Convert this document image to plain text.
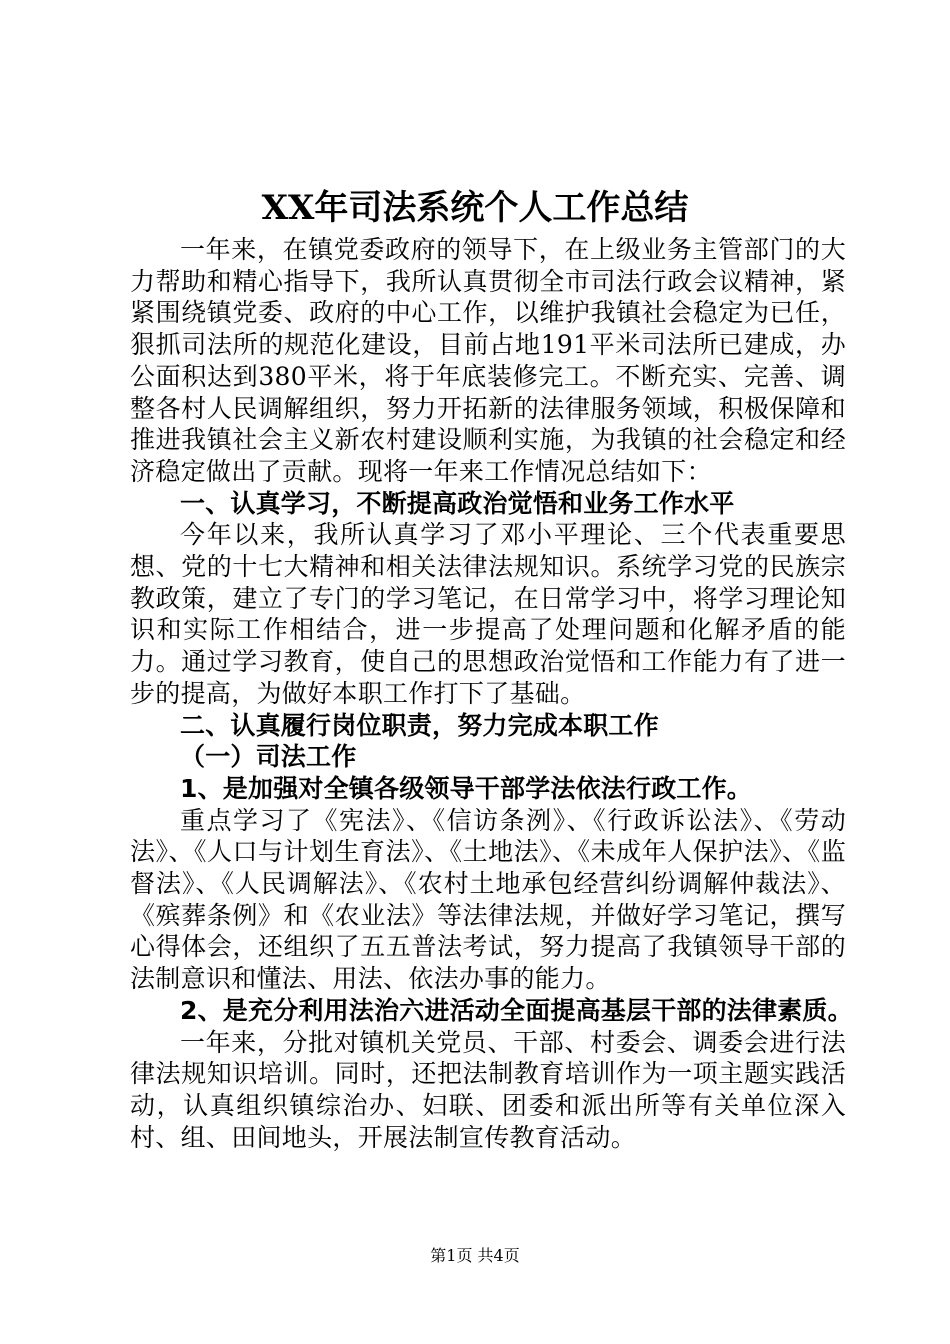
XX年司法系统个人工作总结

一年来，在镇党委政府的领导下，在上级业务主管部门的大力帮助和精心指导下，我所认真贯彻全市司法行政会议精神，紧紧围绕镇党委、政府的中心工作，以维护我镇社会稳定为已任，狠抓司法所的规范化建设，目前占地191平米司法所已建成，办公面积达到380平米，将于年底装修完工。不断充实、完善、调整各村人民调解组织，努力开拓新的法律服务领域，积极保障和推进我镇社会主义新农村建设顺利实施，为我镇的社会稳定和经济稳定做出了贡献。现将一年来工作情况总结如下：

一、认真学习，不断提高政治觉悟和业务工作水平

今年以来，我所认真学习了邓小平理论、三个代表重要思想、党的十七大精神和相关法律法规知识。系统学习党的民族宗教政策，建立了专门的学习笔记，在日常学习中，将学习理论知识和实际工作相结合，进一步提高了处理问题和化解矛盾的能力。通过学习教育，使自己的思想政治觉悟和工作能力有了进一步的提高，为做好本职工作打下了基础。

二、认真履行岗位职责，努力完成本职工作

（一）司法工作

1、是加强对全镇各级领导干部学法依法行政工作。

重点学习了《宪法》、《信访条洌》、《行政诉讼法》、《劳动法》、《人口与计划生育法》、《土地法》、《未成年人保护法》、《监督法》、《人民调解法》、《农村土地承包经营纠纷调解仲裁法》、《殡葬条例》和《农业法》等法律法规，并做好学习笔记，撰写心得体会，还组织了五五普法考试，努力提高了我镇领导干部的法制意识和懂法、用法、依法办事的能力。

2、是充分利用法治六进活动全面提高基层干部的法律素质。

一年来，分批对镇机关党员、干部、村委会、调委会进行法律法规知识培训。同时，还把法制教育培训作为一项主题实践活动，认真组织镇综治办、妇联、团委和派出所等有关单位深入村、组、田间地头，开展法制宣传教育活动。

第1页 共4页
